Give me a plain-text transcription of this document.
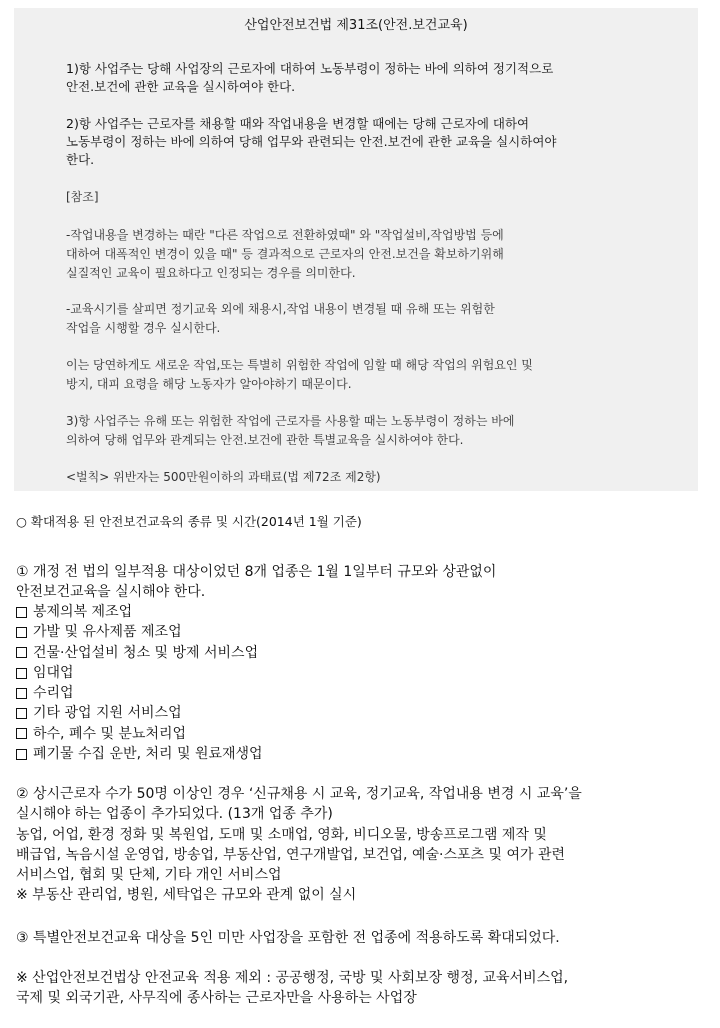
산업안전보건법 제31조(안전.보건교육)
1)항 사업주는 당해 사업장의 근로자에 대하여 노동부령이 정하는 바에 의하여 정기적으로
안전.보건에 관한 교육을 실시하여야 한다.
2)항 사업주는 근로자를 채용할 때와 작업내용을 변경할 때에는 당해 근로자에 대하여
노동부령이 정하는 바에 의하여 당해 업무와 관련되는 안전.보건에 관한 교육을 실시하여야
한다.
[참조]
-작업내용을 변경하는 때란 "다른 작업으로 전환하였때" 와 "작업설비,작업방법 등에
대하여 대폭적인 변경이 있을 때" 등 결과적으로 근로자의 안전.보건을 확보하기위해
실질적인 교육이 필요하다고 인정되는 경우를 의미한다.
-교육시기를 살피면 정기교육 외에 채용시,작업 내용이 변경될 때 유해 또는 위험한
작업을 시행할 경우 실시한다.
이는 당연하게도 새로운 작업,또는 특별히 위험한 작업에 임할 때 해당 작업의 위험요인 및
방지, 대피 요령을 해당 노동자가 알아야하기 때문이다.
3)항 사업주는 유해 또는 위험한 작업에 근로자를 사용할 때는 노동부령이 정하는 바에
의하여 당해 업무와 관계되는 안전.보건에 관한 특별교육을 실시하여야 한다.
<벌칙> 위반자는 500만원이하의 과태료(법 제72조 제2항)
○ 확대적용 된 안전보건교육의 종류 및 시간(2014년 1월 기준)
① 개정 전 법의 일부적용 대상이었던 8개 업종은 1월 1일부터 규모와 상관없이
안전보건교육을 실시해야 한다.
봉제의복 제조업
가발 및 유사제품 제조업
건물·산업설비 청소 및 방제 서비스업
임대업
수리업
기타 광업 지원 서비스업
하수, 폐수 및 분뇨처리업
폐기물 수집 운반, 처리 및 원료재생업
② 상시근로자 수가 50명 이상인 경우 ‘신규채용 시 교육, 정기교육, 작업내용 변경 시 교육’을
실시해야 하는 업종이 추가되었다. (13개 업종 추가)
농업, 어업, 환경 정화 및 복원업, 도매 및 소매업, 영화, 비디오물, 방송프로그램 제작 및
배급업, 녹음시설 운영업, 방송업, 부동산업, 연구개발업, 보건업, 예술·스포츠 및 여가 관련
서비스업, 협회 및 단체, 기타 개인 서비스업
※ 부동산 관리업, 병원, 세탁업은 규모와 관계 없이 실시
③ 특별안전보건교육 대상을 5인 미만 사업장을 포함한 전 업종에 적용하도록 확대되었다.
※ 산업안전보건법상 안전교육 적용 제외 : 공공행정, 국방 및 사회보장 행정, 교육서비스업,
국제 및 외국기관, 사무직에 종사하는 근로자만을 사용하는 사업장
